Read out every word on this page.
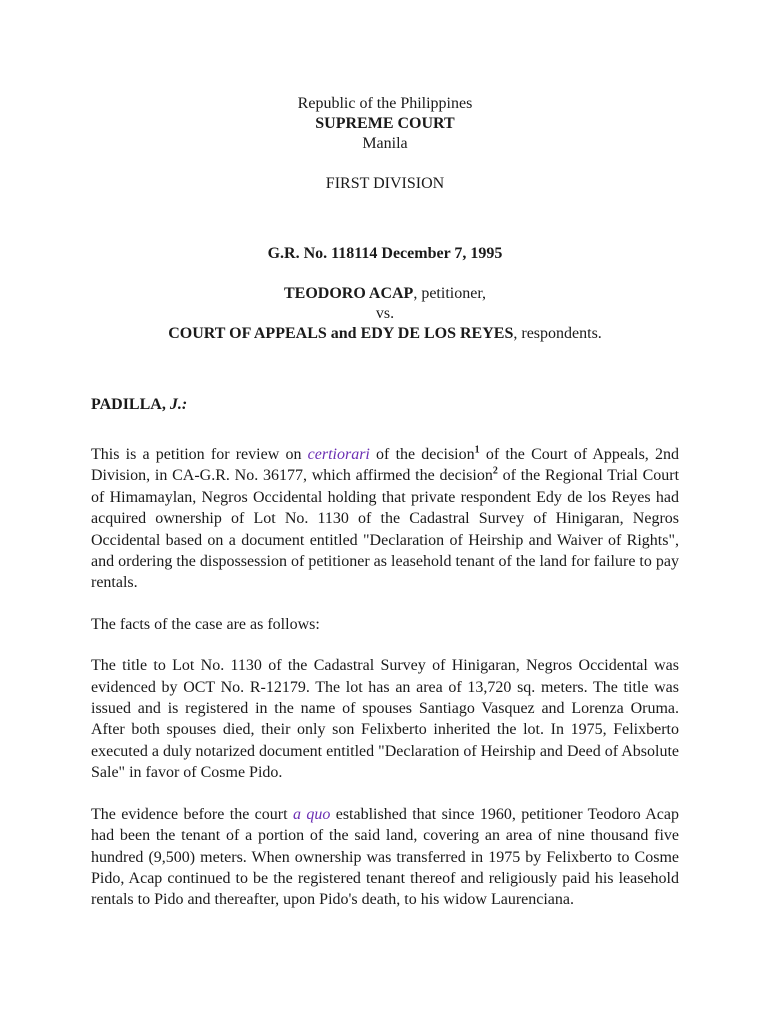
Republic of the Philippines
SUPREME COURT
Manila
FIRST DIVISION
G.R. No. 118114 December 7, 1995
TEODORO ACAP, petitioner,
vs.
COURT OF APPEALS and EDY DE LOS REYES, respondents.
PADILLA, J.:

This is a petition for review on certiorari of the decision$^1$ of the Court of Appeals, 2nd Division, in CA-G.R. No. 36177, which affirmed the decision$^2$ of the Regional Trial Court of Himamaylan, Negros Occidental holding that private respondent Edy de los Reyes had acquired ownership of Lot No. 1130 of the Cadastral Survey of Hinigaran, Negros Occidental based on a document entitled "Declaration of Heirship and Waiver of Rights", and ordering the dispossession of petitioner as leasehold tenant of the land for failure to pay rentals.

The facts of the case are as follows:

The title to Lot No. 1130 of the Cadastral Survey of Hinigaran, Negros Occidental was evidenced by OCT No. R-12179. The lot has an area of 13,720 sq. meters. The title was issued and is registered in the name of spouses Santiago Vasquez and Lorenza Oruma. After both spouses died, their only son Felixberto inherited the lot. In 1975, Felixberto executed a duly notarized document entitled "Declaration of Heirship and Deed of Absolute Sale" in favor of Cosme Pido.

The evidence before the court a quo established that since 1960, petitioner Teodoro Acap had been the tenant of a portion of the said land, covering an area of nine thousand five hundred (9,500) meters. When ownership was transferred in 1975 by Felixberto to Cosme Pido, Acap continued to be the registered tenant thereof and religiously paid his leasehold rentals to Pido and thereafter, upon Pido's death, to his widow Laurenciana.
